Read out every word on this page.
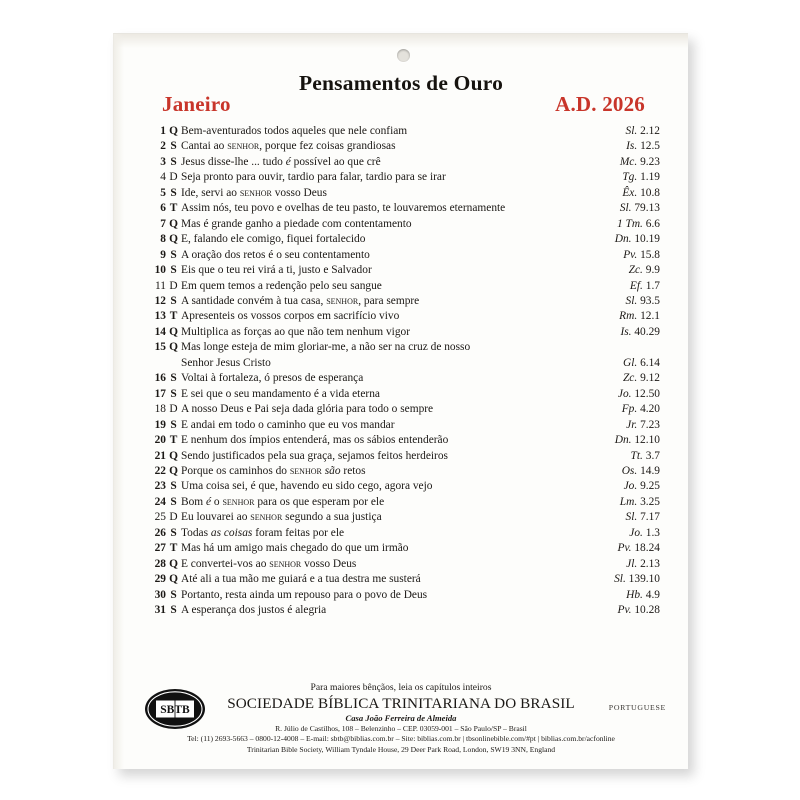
Pensamentos de Ouro
Janeiro	A.D. 2026
1	Q	Bem-aventurados todos aqueles que nele confiam	Sl. 2.12
2	S	Cantai ao senhor, porque fez coisas grandiosas	Is. 12.5
3	S	Jesus disse-lhe ... tudo é possível ao que crê	Mc. 9.23
4	D	Seja pronto para ouvir, tardio para falar, tardio para se irar	Tg. 1.19
5	S	Ide, servi ao senhor vosso Deus	Êx. 10.8
6	T	Assim nós, teu povo e ovelhas de teu pasto, te louvaremos eternamente	Sl. 79.13
7	Q	Mas é grande ganho a piedade com contentamento	1 Tm. 6.6
8	Q	E, falando ele comigo, fiquei fortalecido	Dn. 10.19
9	S	A oração dos retos é o seu contentamento	Pv. 15.8
10	S	Eis que o teu rei virá a ti, justo e Salvador	Zc. 9.9
11	D	Em quem temos a redenção pelo seu sangue	Ef. 1.7
12	S	A santidade convém à tua casa, senhor, para sempre	Sl. 93.5
13	T	Apresenteis os vossos corpos em sacrifício vivo	Rm. 12.1
14	Q	Multiplica as forças ao que não tem nenhum vigor	Is. 40.29
15	Q	Mas longe esteja de mim gloriar-me, a não ser na cruz de nosso	
		Senhor Jesus Cristo	Gl. 6.14
16	S	Voltai à fortaleza, ó presos de esperança	Zc. 9.12
17	S	E sei que o seu mandamento é a vida eterna	Jo. 12.50
18	D	A nosso Deus e Pai seja dada glória para todo o sempre	Fp. 4.20
19	S	E andai em todo o caminho que eu vos mandar	Jr. 7.23
20	T	E nenhum dos ímpios entenderá, mas os sábios entenderão	Dn. 12.10
21	Q	Sendo justificados pela sua graça, sejamos feitos herdeiros	Tt. 3.7
22	Q	Porque os caminhos do senhor são retos	Os. 14.9
23	S	Uma coisa sei, é que, havendo eu sido cego, agora vejo	Jo. 9.25
24	S	Bom é o senhor para os que esperam por ele	Lm. 3.25
25	D	Eu louvarei ao senhor segundo a sua justiça	Sl. 7.17
26	S	Todas as coisas foram feitas por ele	Jo. 1.3
27	T	Mas há um amigo mais chegado do que um irmão	Pv. 18.24
28	Q	E convertei-vos ao senhor vosso Deus	Jl. 2.13
29	Q	Até ali a tua mão me guiará e a tua destra me susterá	Sl. 139.10
30	S	Portanto, resta ainda um repouso para o povo de Deus	Hb. 4.9
31	S	A esperança dos justos é alegria	Pv. 10.28
SBTB	PORTUGUESE
Para maiores bênçãos, leia os capítulos inteiros
SOCIEDADE BÍBLICA TRINITARIANA DO BRASIL
Casa João Ferreira de Almeida
R. Júlio de Castilhos, 108 – Belenzinho – CEP. 03059-001 – São Paulo/SP – Brasil
Tel: (11) 2693-5663 – 0800-12-4008 – E-mail: sbtb@biblias.com.br – Site: biblias.com.br | tbsonlinebible.com/#pt | biblias.com.br/acfonline
Trinitarian Bible Society, William Tyndale House, 29 Deer Park Road, London, SW19 3NN, England
